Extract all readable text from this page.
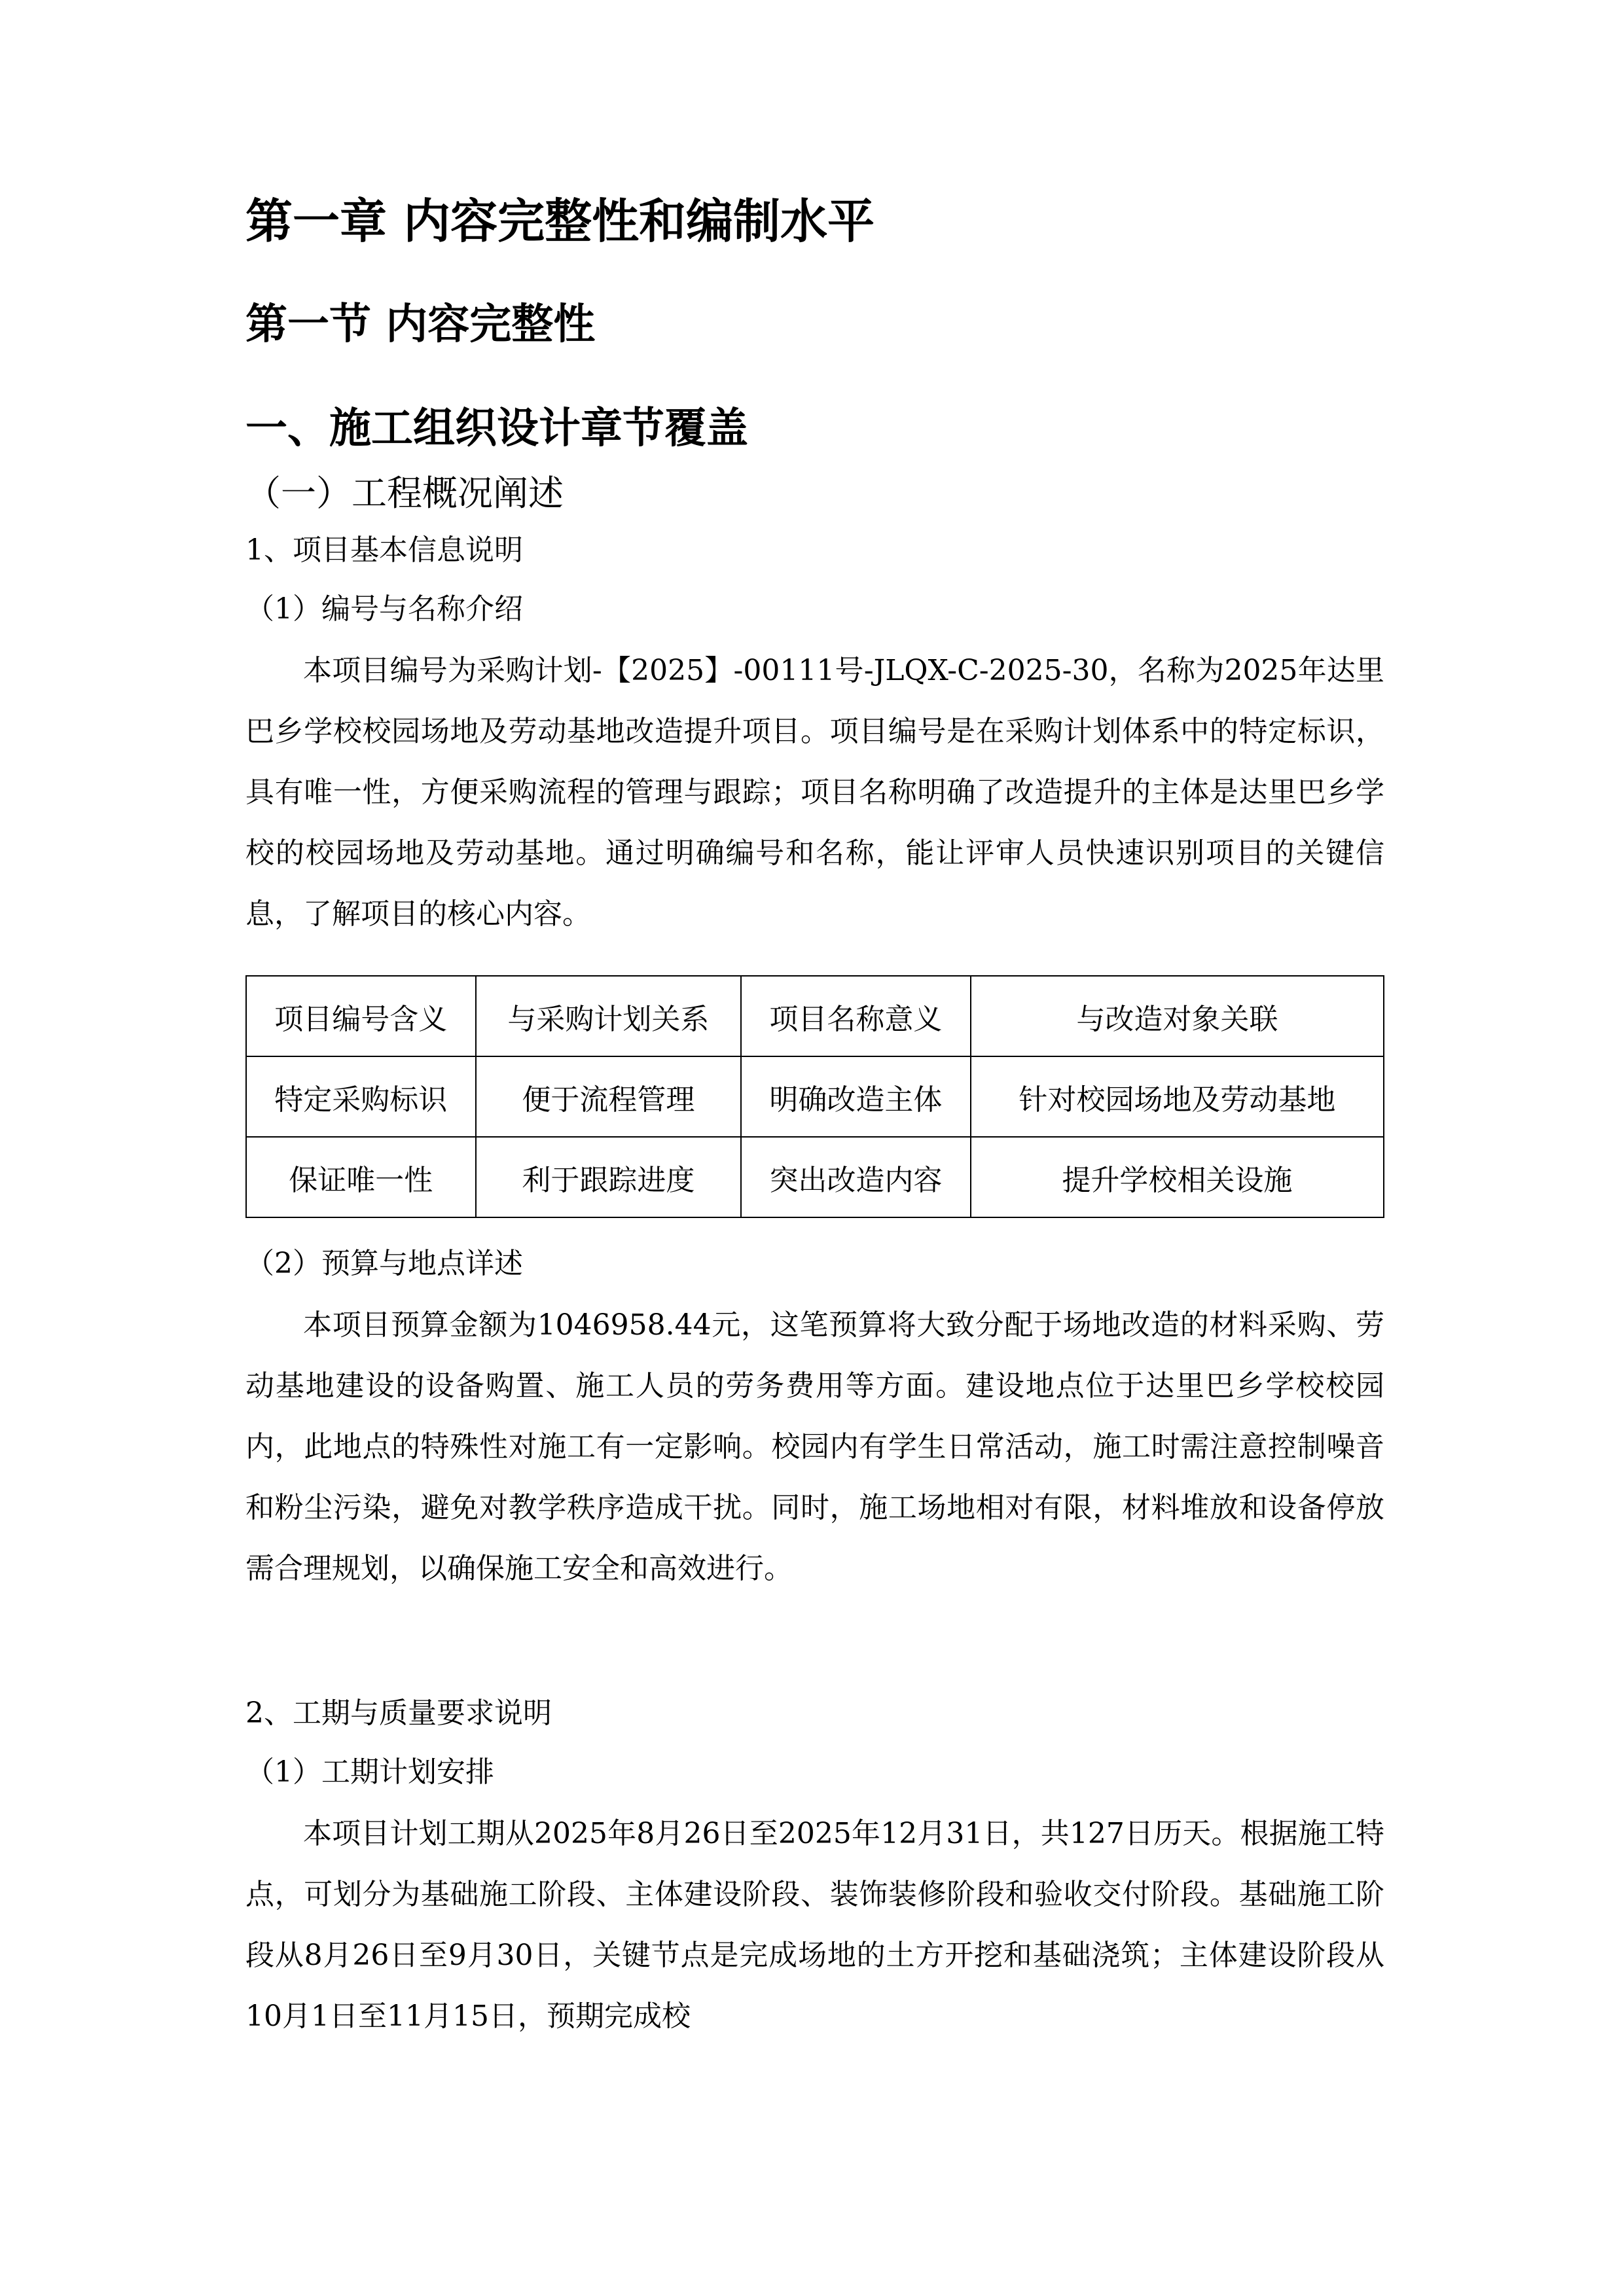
第一章 内容完整性和编制水平
第一节 内容完整性
一、施工组织设计章节覆盖
（一）工程概况阐述
1、项目基本信息说明
（1）编号与名称介绍

本项目编号为采购计划-【2025】-00111号-JLQX-C-2025-30，名称为2025年达里巴乡学校校园场地及劳动基地改造提升项目。项目编号是在采购计划体系中的特定标识，具有唯一性，方便采购流程的管理与跟踪；项目名称明确了改造提升的主体是达里巴乡学校的校园场地及劳动基地。通过明确编号和名称，能让评审人员快速识别项目的关键信息，了解项目的核心内容。

项目编号含义	与采购计划关系	项目名称意义	与改造对象关联
特定采购标识	便于流程管理	明确改造主体	针对校园场地及劳动基地
保证唯一性	利于跟踪进度	突出改造内容	提升学校相关设施
（2）预算与地点详述

本项目预算金额为1046958.44元，这笔预算将大致分配于场地改造的材料采购、劳动基地建设的设备购置、施工人员的劳务费用等方面。建设地点位于达里巴乡学校校园内，此地点的特殊性对施工有一定影响。校园内有学生日常活动，施工时需注意控制噪音和粉尘污染，避免对教学秩序造成干扰。同时，施工场地相对有限，材料堆放和设备停放需合理规划，以确保施工安全和高效进行。

2、工期与质量要求说明
（1）工期计划安排

本项目计划工期从2025年8月26日至2025年12月31日，共127日历天。根据施工特点，可划分为基础施工阶段、主体建设阶段、装饰装修阶段和验收交付阶段。基础施工阶段从8月26日至9月30日，关键节点是完成场地的土方开挖和基础浇筑；主体建设阶段从10月1日至11月15日，预期完成校
